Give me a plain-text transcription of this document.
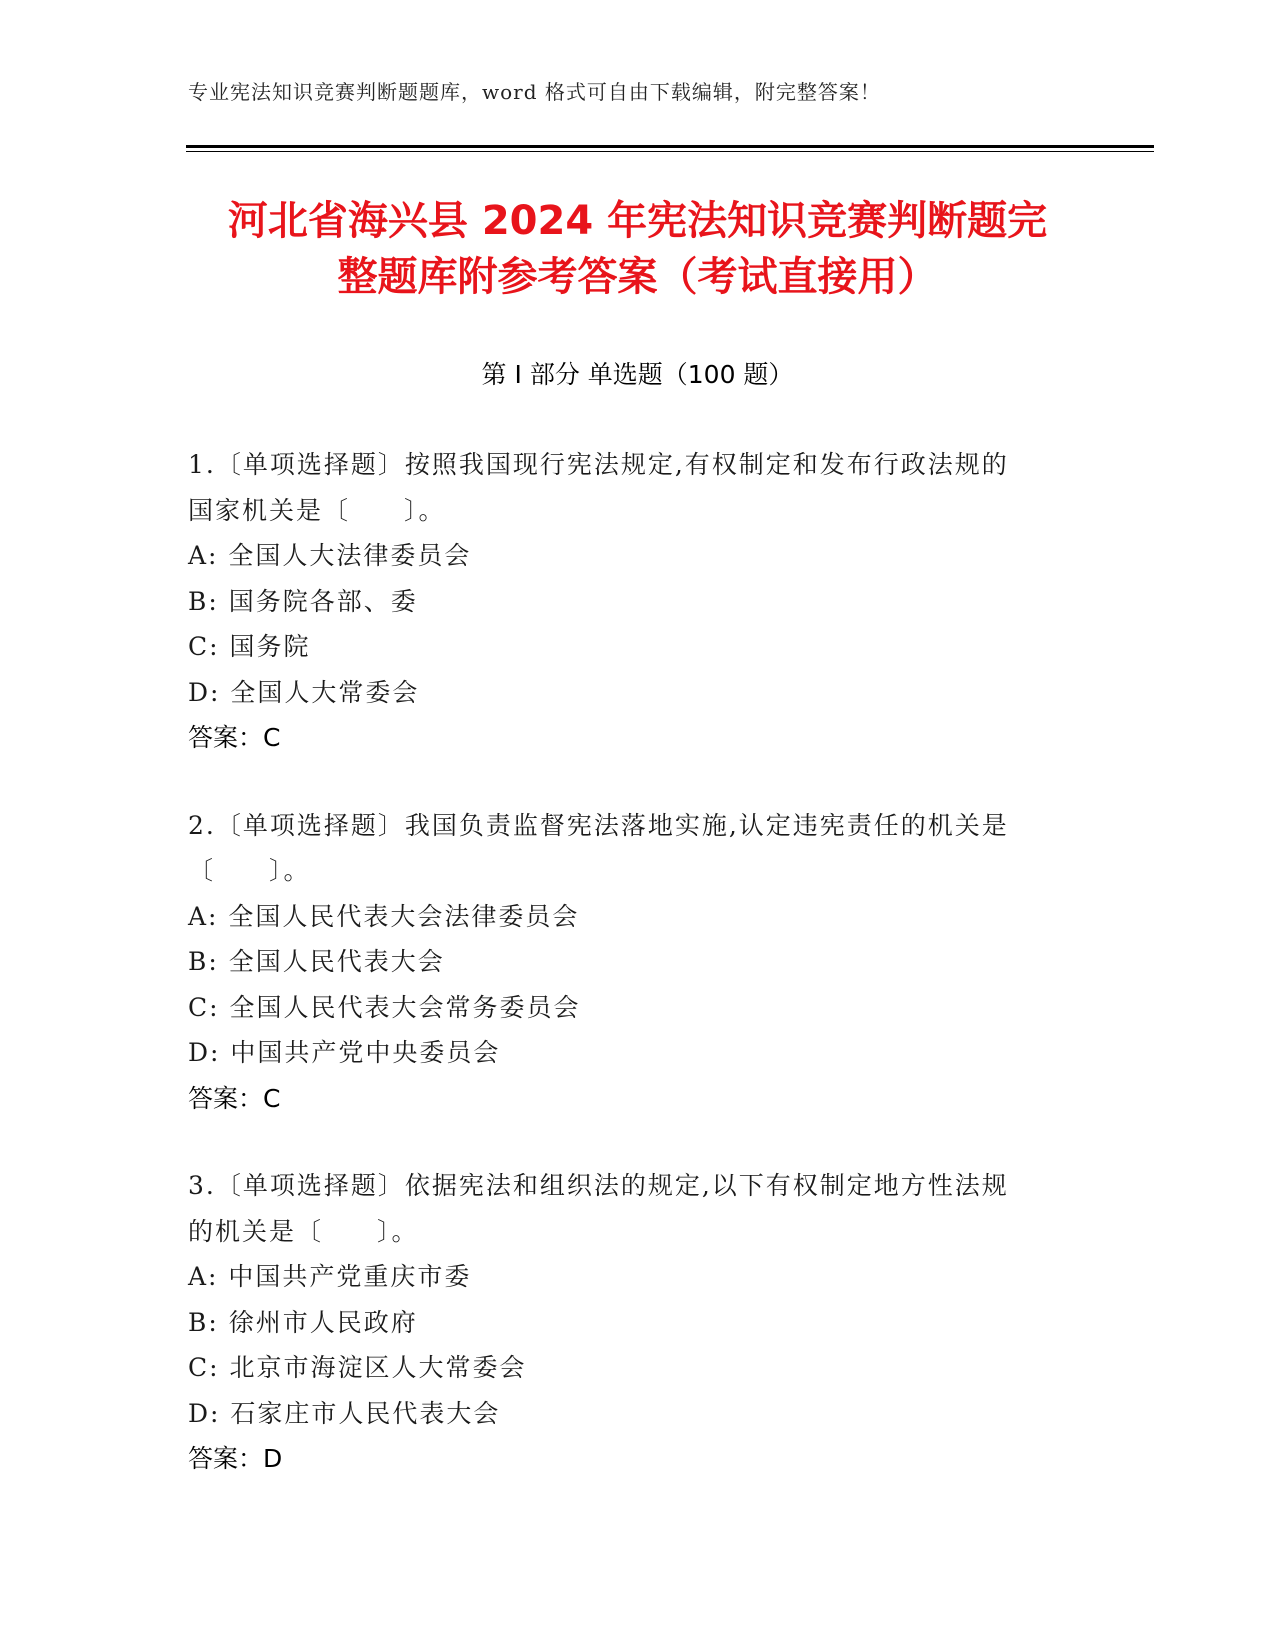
专业宪法知识竞赛判断题题库，word 格式可自由下载编辑，附完整答案！
河北省海兴县 2024 年宪法知识竞赛判断题完
整题库附参考答案（考试直接用）
第 I 部分 单选题（100 题）
1.〔单项选择题〕按照我国现行宪法规定,有权制定和发布行政法规的
国家机关是〔　　〕。
A: 全国人大法律委员会
B: 国务院各部、委
C: 国务院
D: 全国人大常委会
答案：C
2.〔单项选择题〕我国负责监督宪法落地实施,认定违宪责任的机关是
〔　　〕。
A: 全国人民代表大会法律委员会
B: 全国人民代表大会
C: 全国人民代表大会常务委员会
D: 中国共产党中央委员会
答案：C
3.〔单项选择题〕依据宪法和组织法的规定,以下有权制定地方性法规
的机关是〔　　〕。
A: 中国共产党重庆市委
B: 徐州市人民政府
C: 北京市海淀区人大常委会
D: 石家庄市人民代表大会
答案：D
